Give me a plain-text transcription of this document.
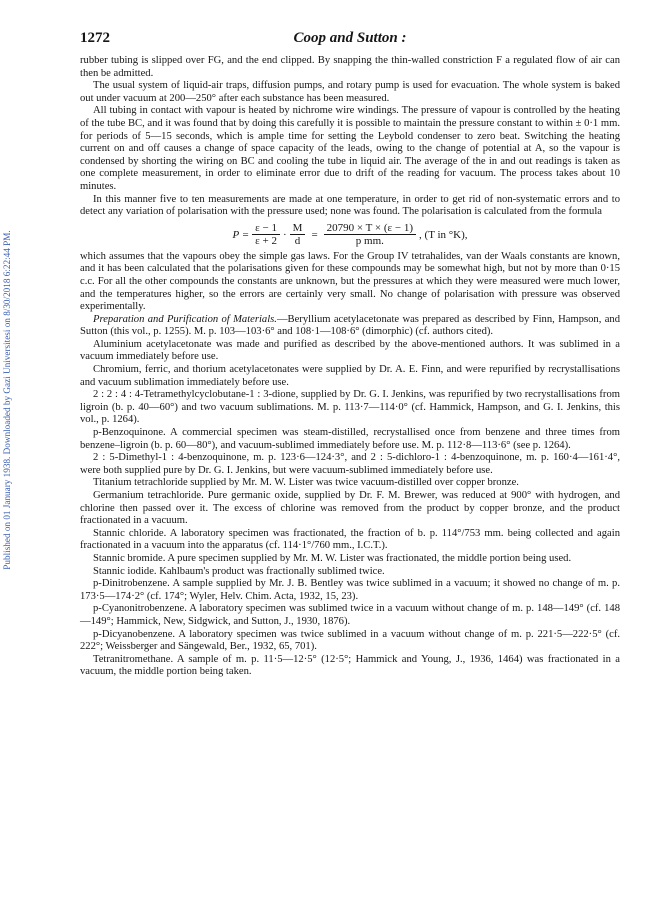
Published on 01 January 1938. Downloaded by Gazi Universitesi on 8/30/2018 6:22:44 PM.
1272	Coop and Sutton :

rubber tubing is slipped over FG, and the end clipped. By snapping the thin-walled constriction F a regulated flow of air can then be admitted.

The usual system of liquid-air traps, diffusion pumps, and rotary pump is used for evacuation. The whole system is baked out under vacuum at 200—250° after each substance has been measured.

All tubing in contact with vapour is heated by nichrome wire windings. The pressure of vapour is controlled by the heating of the tube BC, and it was found that by doing this carefully it is possible to maintain the pressure constant to within ± 0·1 mm. for periods of 5—15 seconds, which is ample time for setting the Leybold condenser to zero beat. Switching the heating current on and off causes a change of space capacity of the leads, owing to the change of potential at A, so the vapour is condensed by shorting the wiring on BC and cooling the tube in liquid air. The average of the in and out readings is taken as one complete measurement, in order to eliminate error due to drift of the reading for vacuum. The process takes about 10 minutes.

In this manner five to ten measurements are made at one temperature, in order to get rid of non-systematic errors and to detect any variation of polarisation with the pressure used; none was found. The polarisation is calculated from the formula

$P = \frac{\varepsilon - 1}{\varepsilon + 2} \cdot \frac{M}{d} = \frac{20790 \times T \times (\varepsilon - 1)}{\text{p mm.}}$ , (T in °K),

which assumes that the vapours obey the simple gas laws. For the Group IV tetrahalides, van der Waals constants are known, and it has been calculated that the polarisations given for these compounds may be somewhat high, but not by more than 0·15 c.c. For all the other compounds the constants are unknown, but the pressures at which they were measured were much lower, and the temperatures higher, so the errors are certainly very small. No change of polarisation with pressure was observed experimentally.

Preparation and Purification of Materials.—Beryllium acetylacetonate was prepared as described by Finn, Hampson, and Sutton (this vol., p. 1255). M. p. 103—103·6° and 108·1—108·6° (dimorphic) (cf. authors cited).

Aluminium acetylacetonate was made and purified as described by the above-mentioned authors. It was sublimed in a vacuum immediately before use.

Chromium, ferric, and thorium acetylacetonates were supplied by Dr. A. E. Finn, and were repurified by recrystallisations and vacuum sublimation immediately before use.

2 : 2 : 4 : 4-Tetramethylcyclobutane-1 : 3-dione, supplied by Dr. G. I. Jenkins, was repurified by two recrystallisations from ligroin (b. p. 40—60°) and two vacuum sublimations. M. p. 113·7—114·0° (cf. Hammick, Hampson, and G. I. Jenkins, this vol., p. 1264).

p-Benzoquinone. A commercial specimen was steam-distilled, recrystallised once from benzene and three times from benzene–ligroin (b. p. 60—80°), and vacuum-sublimed immediately before use. M. p. 112·8—113·6° (see p. 1264).

2 : 5-Dimethyl-1 : 4-benzoquinone, m. p. 123·6—124·3°, and 2 : 5-dichloro-1 : 4-benzoquinone, m. p. 160·4—161·4°, were both supplied pure by Dr. G. I. Jenkins, but were vacuum-sublimed immediately before use.

Titanium tetrachloride supplied by Mr. M. W. Lister was twice vacuum-distilled over copper bronze.

Germanium tetrachloride. Pure germanic oxide, supplied by Dr. F. M. Brewer, was reduced at 900° with hydrogen, and chlorine then passed over it. The excess of chlorine was removed from the product by copper bronze, and the product fractionated in a vacuum.

Stannic chloride. A laboratory specimen was fractionated, the fraction of b. p. 114°/753 mm. being collected and again fractionated in a vacuum into the apparatus (cf. 114·1°/760 mm., I.C.T.).

Stannic bromide. A pure specimen supplied by Mr. M. W. Lister was fractionated, the middle portion being used.

Stannic iodide. Kahlbaum's product was fractionally sublimed twice.

p-Dinitrobenzene. A sample supplied by Mr. J. B. Bentley was twice sublimed in a vacuum; it showed no change of m. p. 173·5—174·2° (cf. 174°; Wyler, Helv. Chim. Acta, 1932, 15, 23).

p-Cyanonitrobenzene. A laboratory specimen was sublimed twice in a vacuum without change of m. p. 148—149° (cf. 148—149°; Hammick, New, Sidgwick, and Sutton, J., 1930, 1876).

p-Dicyanobenzene. A laboratory specimen was twice sublimed in a vacuum without change of m. p. 221·5—222·5° (cf. 222°; Weissberger and Sängewald, Ber., 1932, 65, 701).

Tetranitromethane. A sample of m. p. 11·5—12·5° (12·5°; Hammick and Young, J., 1936, 1464) was fractionated in a vacuum, the middle portion being taken.
